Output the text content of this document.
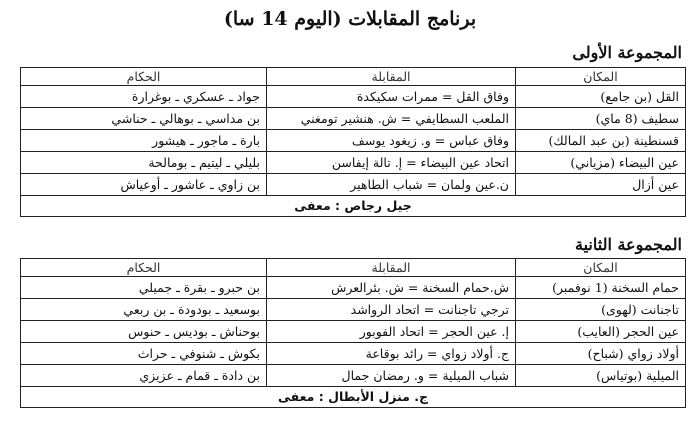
برنامج المقابلات (اليوم 14 سا)
المجموعة الأولى
المكان	المقابلة	الحكام
القل (بن جامع)	وفاق القل = ممرات سكيكدة	جواد ـ عسكري ـ بوغرارة
سطيف (8 ماي)	الملعب السطايفي = ش. هنشير تومغني	بن مداسي ـ بوهالي ـ حناشي
قسنطينة (بن عبد المالك)	وفاق عباس = و. زيغود يوسف	بارة ـ ماجور ـ هيشور
عين البيضاء (مزياني)	اتحاد عين البيضاء = إ. تالة إيفاسن	بليلي ـ ليتيم ـ بومالحة
عين أزال	ن.عين ولمان = شباب الطاهير	بن زاوي ـ عاشور ـ أوعياش
جيل رجاص : معفى		
المجموعة الثانية
المكان	المقابلة	الحكام
حمام السخنة (1 نوفمبر)	ش.حمام السخنة = ش. بئرالعرش	بن حبرو ـ بقرة ـ جميلي
تاجنانت (لهوى)	ترجي تاجنانت = اتحاد الرواشد	بوسعيد ـ بودودة ـ بن ربعي
عين الحجر (العايب)	إ. عين الحجر = اتحاد الفوبور	بوحناش ـ بوديس ـ حنوس
أولاد زواي (شباح)	ج. أولاد زواي = رائد بوقاعة	بكوش ـ شنوفي ـ حراث
الميلية (بوتياس)	شباب الميلية = و. رمضان جمال	بن دادة ـ قمام ـ عزيزي
ج. منزل الأبطال : معفى		
